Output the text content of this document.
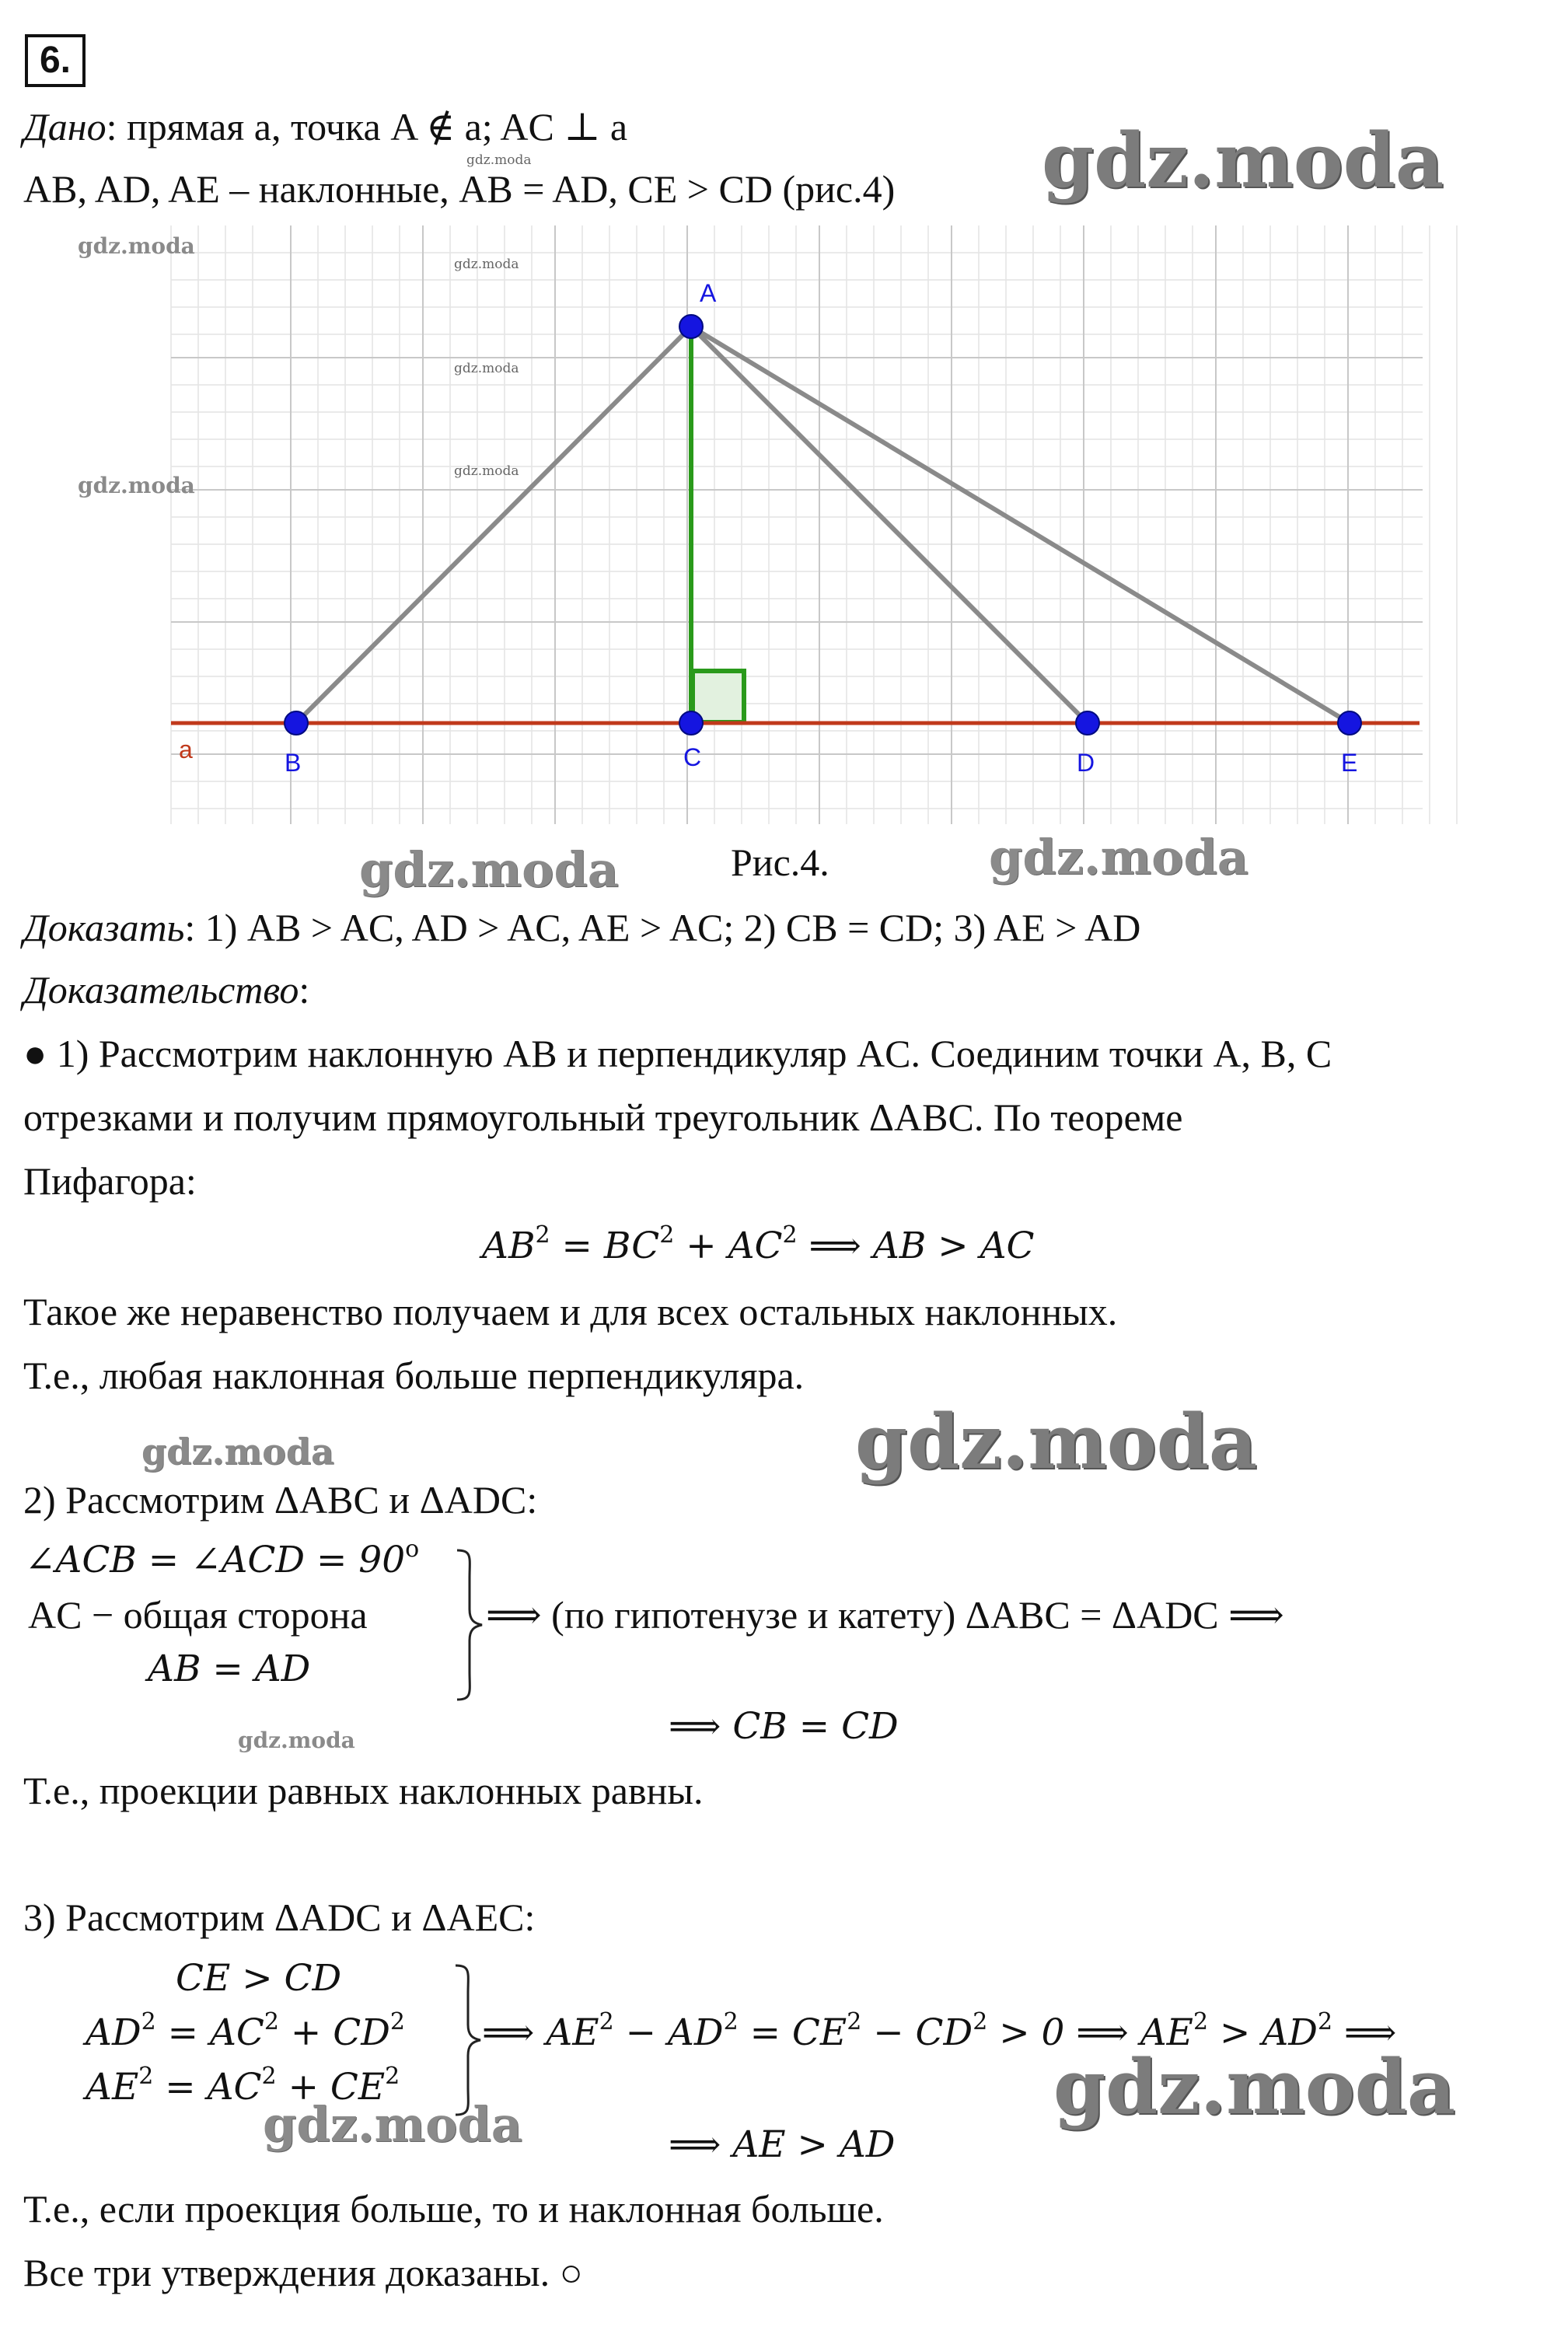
6.
Дано: прямая a, точка A ∉ a; AC ⊥ a
AB, AD, AE – наклонные, AB = AD, CE > CD (рис.4)
A
B	C	D	E
a
Рис.4.
Доказать: 1) AB > AC, AD > AC, AE > AC; 2) CB = CD; 3) AE > AD
Доказательство:
● 1) Рассмотрим наклонную AB и перпендикуляр AC. Соединим точки A, B, C
отрезками и получим прямоугольный треугольник ΔABC. По теореме
Пифагора:
$AB^2 = BC^2 + AC^2$ ⟹ AB > AC
Такое же неравенство получаем и для всех остальных наклонных.
Т.е., любая наклонная больше перпендикуляра.
2) Рассмотрим ΔABC и ΔADC:
∠ACB = ∠ACD = $90^o$
AC − общая сторона
AB = AD
⟹ (по гипотенузе и катету) ΔABC = ΔADC ⟹
⟹ CB = CD
Т.е., проекции равных наклонных равны.
3) Рассмотрим ΔADC и ΔAEC:
CE > CD
$AD^2 = AC^2 + CD^2$
$AE^2 = AC^2 + CE^2$
⟹ $AE^2 - AD^2 = CE^2 - CD^2 > 0$ ⟹ $AE^2 > AD^2$ ⟹
⟹ AE > AD
Т.е., если проекция больше, то и наклонная больше.
Все три утверждения доказаны. ○
gdz.moda
gdz.moda
gdz.moda
gdz.moda
gdz.moda
gdz.moda
gdz.moda
gdz.moda	gdz.moda
gdz.moda	gdz.moda
gdz.moda
gdz.moda
gdz.moda
